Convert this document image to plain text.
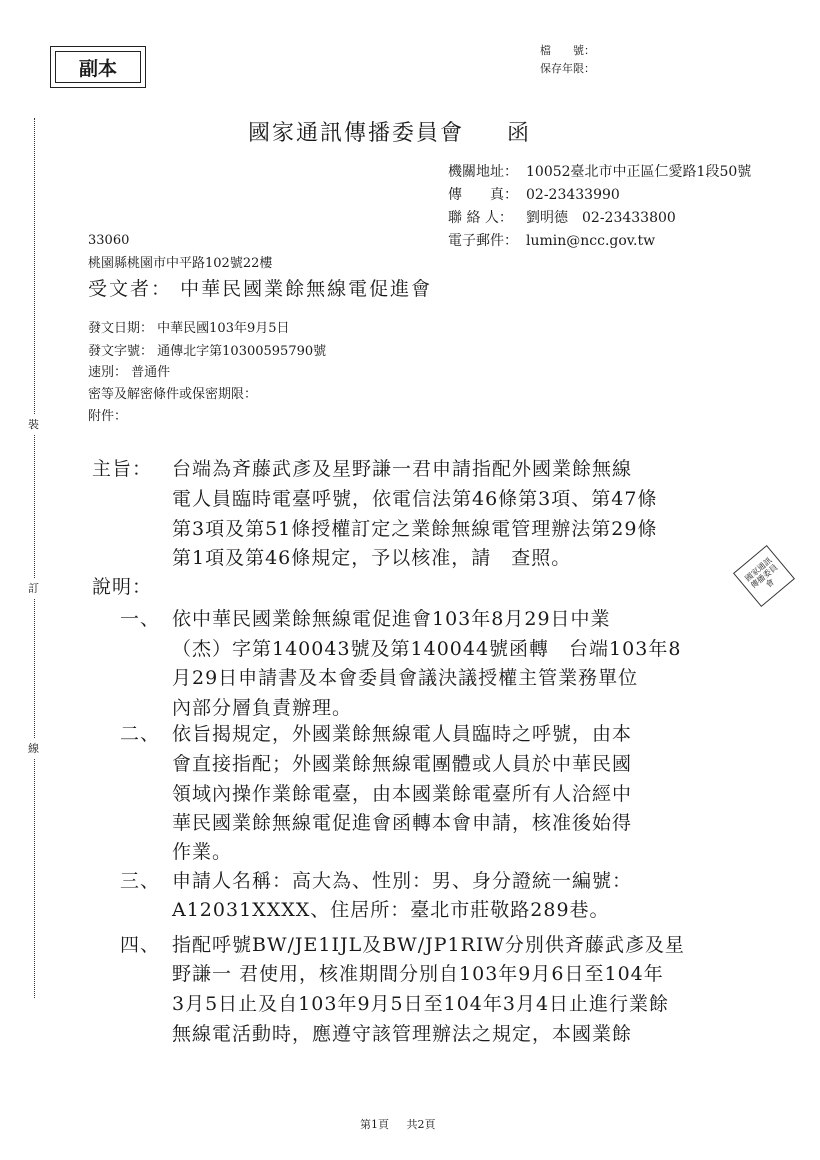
副本
檔　　號：
保存年限：
國家通訊傳播委員會 函
機關地址： 10052臺北市中正區仁愛路1段50號
傳　　真： 02-23433990
聯 絡 人： 劉明德　02-23433800
電子郵件： lumin@ncc.gov.tw
33060
桃園縣桃園市中平路102號22樓
受文者： 中華民國業餘無線電促進會
發文日期： 中華民國103年9月5日
發文字號： 通傳北字第10300595790號
速別： 普通件
密等及解密條件或保密期限：
附件：
主旨： 台端為斉藤武彥及星野謙一君申請指配外國業餘無線
電人員臨時電臺呼號，依電信法第46條第3項、第47條
第3項及第51條授權訂定之業餘無線電管理辦法第29條
第1項及第46條規定，予以核准，請　查照。
說明：
一、 依中華民國業餘無線電促進會103年8月29日中業
（杰）字第140043號及第140044號函轉　台端103年8
月29日申請書及本會委員會議決議授權主管業務單位
內部分層負責辦理。
二、 依旨揭規定，外國業餘無線電人員臨時之呼號，由本
會直接指配；外國業餘無線電團體或人員於中華民國
領域內操作業餘電臺，由本國業餘電臺所有人洽經中
華民國業餘無線電促進會函轉本會申請，核准後始得
作業。
三、 申請人名稱：高大為、性別：男、身分證統一編號：
A12031XXXX、住居所：臺北市莊敬路289巷。
四、 指配呼號BW/JE1IJL及BW/JP1RIW分別供斉藤武彥及星
野謙一 君使用，核准期間分別自103年9月6日至104年
3月5日止及自103年9月5日至104年3月4日止進行業餘
無線電活動時，應遵守該管理辦法之規定，本國業餘
裝
訂
線
國家通訊傳播委員會
第1頁 共2頁
